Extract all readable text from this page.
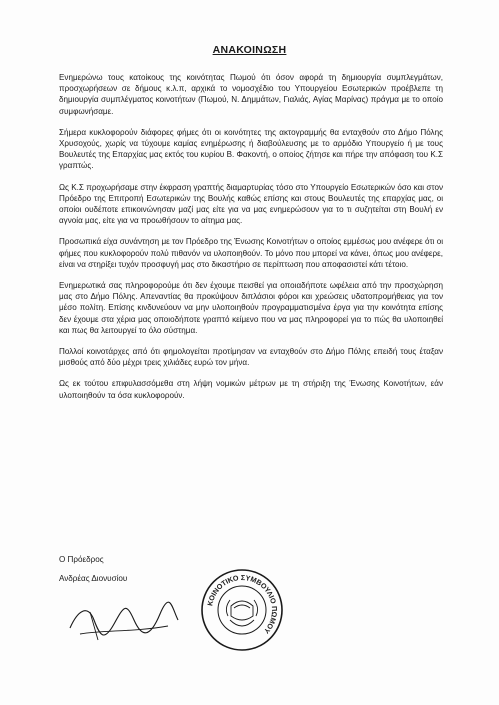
ΑΝΑΚΟΙΝΩΣΗ

Ενημερώνω τους κατοίκους της κοινότητας Πωμού ότι όσον αφορά τη δημιουργία συμπλεγμάτων, προσχωρήσεων σε δήμους κ.λ.π, αρχικά το νομοσχέδιο του Υπουργείου Εσωτερικών προέβλεπε τη δημιουργία συμπλέγματος κοινοτήτων (Πωμού, Ν. Δημμάτων, Γιαλιάς, Αγίας Μαρίνας) πράγμα με το οποίο συμφωνήσαμε.

Σήμερα κυκλοφορούν διάφορες φήμες ότι οι κοινότητες της ακτογραμμής θα ενταχθούν στο Δήμο Πόλης Χρυσοχούς, χωρίς να τύχουμε καμίας ενημέρωσης ή διαβούλευσης με το αρμόδιο Υπουργείο ή με τους Βουλευτές της Επαρχίας μας εκτός του κυρίου Β. Φακοντή, ο οποίος ζήτησε και πήρε την απόφαση του Κ.Σ γραπτώς.

Ως Κ.Σ προχωρήσαμε στην έκφραση γραπτής διαμαρτυρίας τόσο στο Υπουργείο Εσωτερικών όσο και στον Πρόεδρο της Επιτροπή Εσωτερικών της Βουλής καθώς επίσης και στους Βουλευτές της επαρχίας μας, οι οποίοι ουδέποτε επικοινώνησαν μαζί μας είτε για να μας ενημερώσουν για το τι συζητείται στη Βουλή εν αγνοία μας, είτε για να προωθήσουν το αίτημα μας.

Προσωπικά είχα συνάντηση με τον Πρόεδρο της Ένωσης Κοινοτήτων ο οποίος εμμέσως μου ανέφερε ότι οι φήμες που κυκλοφορούν πολύ πιθανόν να υλοποιηθούν. Το μόνο που μπορεί να κάνει, όπως μου ανέφερε, είναι να στηρίξει τυχόν προσφυγή μας στο δικαστήριο σε περίπτωση που αποφασιστεί κάτι τέτοιο.

Ενημερωτικά σας πληροφορούμε ότι δεν έχουμε πεισθεί για οποιαδήποτε ωφέλεια από την προσχώρηση μας στο Δήμο Πόλης. Απεναντίας θα προκύψουν διπλάσιοι φόροι και χρεώσεις υδατοπρομήθειας για τον μέσο πολίτη. Επίσης κινδυνεύουν να μην υλοποιηθούν προγραμματισμένα έργα για την κοινότητα επίσης δεν έχουμε στα χέρια μας οποιοδήποτε γραπτό κείμενο που να μας πληροφορεί για το πώς θα υλοποιηθεί και πως θα λειτουργεί το όλο σύστημα.

Πολλοί κοινοτάρχες από ότι φημολογείται προτίμησαν να ενταχθούν στο Δήμο Πόλης επειδή τους έταξαν μισθούς από δύο μέχρι τρεις χιλιάδες ευρώ τον μήνα.

Ως εκ τούτου επιφυλασσόμεθα στη λήψη νομικών μέτρων με τη στήριξη της Ένωσης Κοινοτήτων, εάν υλοποιηθούν τα όσα κυκλοφορούν.

Ο Πρόεδρος
Ανδρέας Διονυσίου
ΚΟΙΝΟΤΙΚΟ ΣΥΜΒΟΥΛΙΟ ΠΩΜΟΥ
